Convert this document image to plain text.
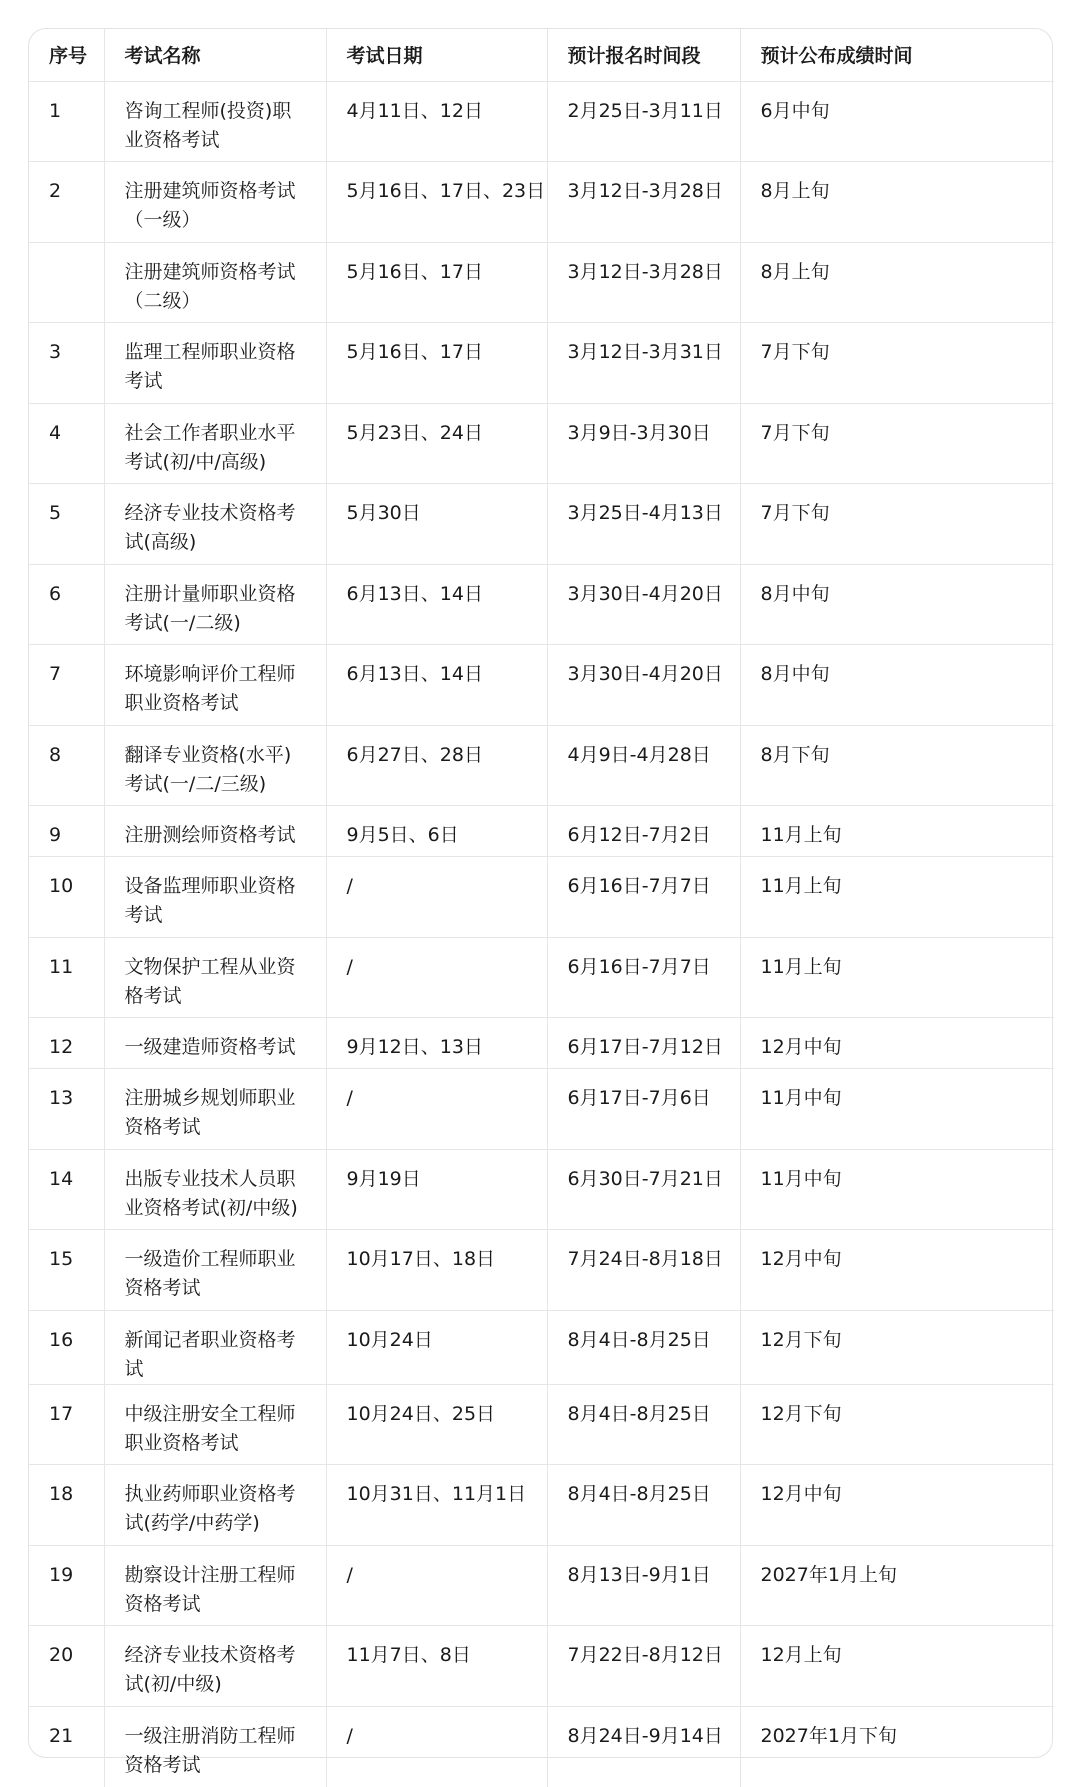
序号	考试名称	考试日期	预计报名时间段	预计公布成绩时间
1	咨询工程师(投资)职业资格考试	4月11日、12日	2月25日-3月11日	6月中旬
2	注册建筑师资格考试（一级）	5月16日、17日、23日	3月12日-3月28日	8月上旬

	注册建筑师资格考试（二级）	5月16日、17日	3月12日-3月28日	8月上旬
3	监理工程师职业资格考试	5月16日、17日	3月12日-3月31日	7月下旬
4	社会工作者职业水平考试(初/中/高级)	5月23日、24日	3月9日-3月30日	7月下旬
5	经济专业技术资格考试(高级)	5月30日	3月25日-4月13日	7月下旬
6	注册计量师职业资格考试(一/二级)	6月13日、14日	3月30日-4月20日	8月中旬
7	环境影响评价工程师职业资格考试	6月13日、14日	3月30日-4月20日	8月中旬
8	翻译专业资格(水平)考试(一/二/三级)	6月27日、28日	4月9日-4月28日	8月下旬
9	注册测绘师资格考试	9月5日、6日	6月12日-7月2日	11月上旬
10	设备监理师职业资格考试	/	6月16日-7月7日	11月上旬
11	文物保护工程从业资格考试	/	6月16日-7月7日	11月上旬
12	一级建造师资格考试	9月12日、13日	6月17日-7月12日	12月中旬
13	注册城乡规划师职业资格考试	/	6月17日-7月6日	11月中旬
14	出版专业技术人员职业资格考试(初/中级)	9月19日	6月30日-7月21日	11月中旬
15	一级造价工程师职业资格考试	10月17日、18日	7月24日-8月18日	12月中旬
16	新闻记者职业资格考试	10月24日	8月4日-8月25日	12月下旬
17	中级注册安全工程师职业资格考试	10月24日、25日	8月4日-8月25日	12月下旬
18	执业药师职业资格考试(药学/中药学)	10月31日、11月1日	8月4日-8月25日	12月中旬
19	勘察设计注册工程师资格考试	/	8月13日-9月1日	2027年1月上旬
20	经济专业技术资格考试(初/中级)	11月7日、8日	7月22日-8月12日	12月上旬
21	一级注册消防工程师资格考试	/	8月24日-9月14日	2027年1月下旬
